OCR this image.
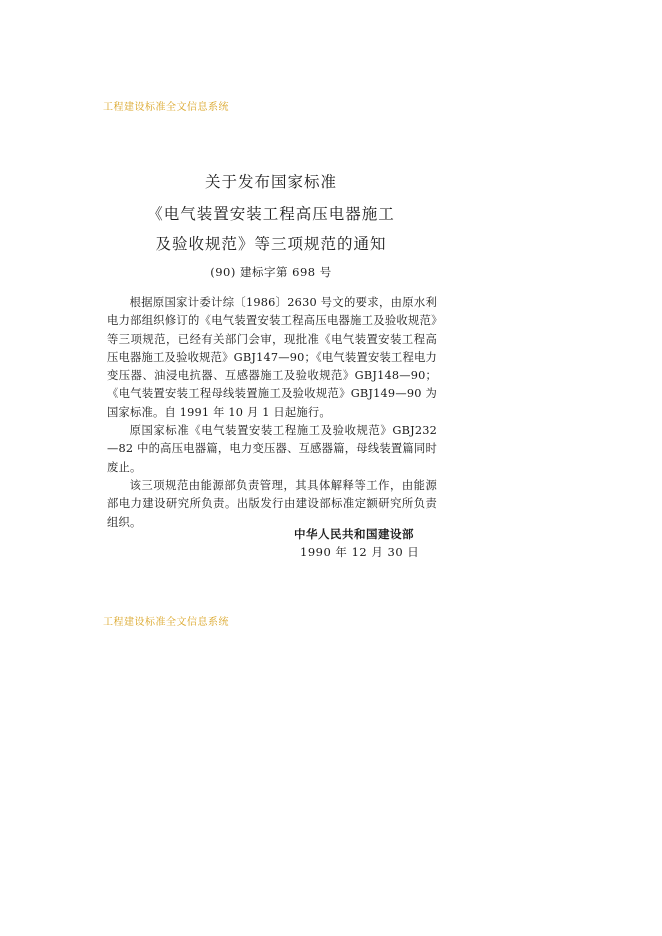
工程建设标准全文信息系统
关于发布国家标准
《电气装置安装工程高压电器施工
及验收规范》等三项规范的通知
(90) 建标字第 698 号

根据原国家计委计综〔1986〕2630 号文的要求，由原水利电力部组织修订的《电气装置安装工程高压电器施工及验收规范》等三项规范，已经有关部门会审，现批准《电气装置安装工程高压电器施工及验收规范》GBJ147—90；《电气装置安装工程电力变压器、油浸电抗器、互感器施工及验收规范》GBJ148—90；《电气装置安装工程母线装置施工及验收规范》GBJ149—90 为国家标准。自 1991 年 10 月 1 日起施行。

原国家标准《电气装置安装工程施工及验收规范》GBJ232—82 中的高压电器篇，电力变压器、互感器篇，母线装置篇同时废止。

该三项规范由能源部负责管理，其具体解释等工作，由能源部电力建设研究所负责。出版发行由建设部标准定额研究所负责组织。

中华人民共和国建设部
1990 年 12 月 30 日
工程建设标准全文信息系统
